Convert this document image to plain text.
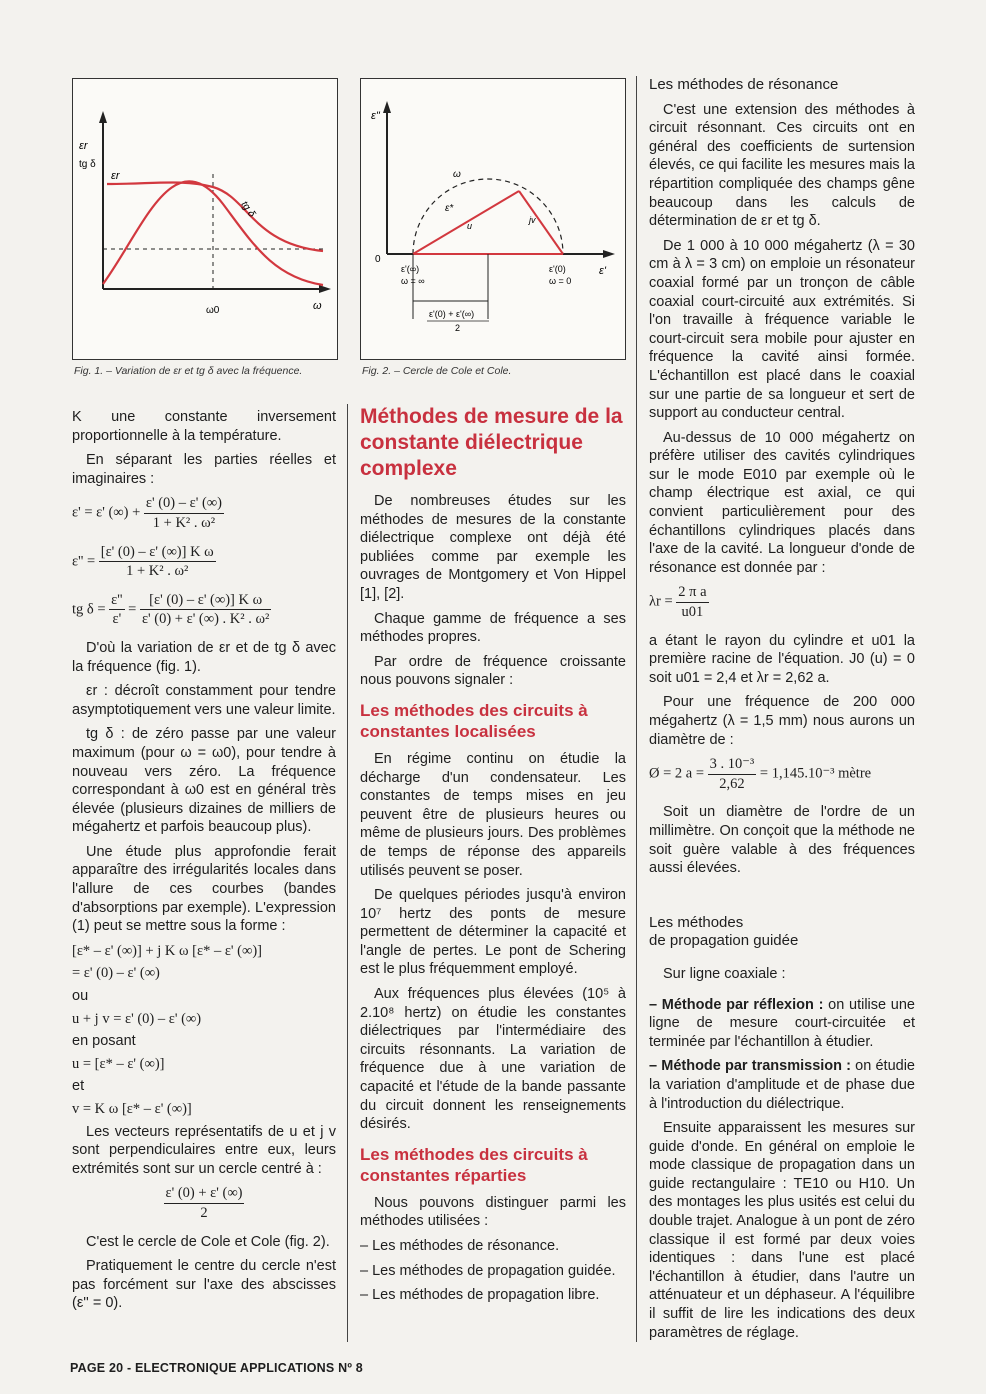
εr
tg δ
εr
tg δ
ω
ω0
Fig. 1. – Variation de εr et tg δ avec la fréquence.
ε"
ε'
0
ε'(∞)
ω = ∞
ε'(0)
ω = 0
ω
ε*
u
jv
ε'(0) + ε'(∞)
2
Fig. 2. – Cercle de Cole et Cole.

K une constante inversement proportionnelle à la température.

En séparant les parties réelles et imaginaires :

ε' = ε' (∞) + $\frac{\varepsilon' (0) - \varepsilon' (\infty)}{\text{1 + K² . ω²}}$
$\varepsilon'' = \frac{\text{[ε' (0) – ε' (∞)] K ω}}{\text{1 + K² . ω²}}$
tg $\delta = \frac{\varepsilon''}{\varepsilon'} = \frac{\text{[ε' (0) – ε' (∞)] K ω}}{\text{ε' (0) + ε' (∞) . K² . ω²}}$

D'où la variation de εr et de tg δ avec la fréquence (fig. 1).

εr : décroît constamment pour tendre asymptotiquement vers une valeur limite.

tg δ : de zéro passe par une valeur maximum (pour ω = ω0), pour tendre à nouveau vers zéro. La fréquence correspondant à ω0 est en général très élevée (plusieurs dizaines de milliers de mégahertz et parfois beaucoup plus).

Une étude plus approfondie ferait apparaître des irrégularités locales dans l'allure de ces courbes (bandes d'absorptions par exemple). L'expression (1) peut se mettre sous la forme :

[ε* – ε' (∞)] + j K ω [ε* – ε' (∞)]
= ε' (0) – ε' (∞)
ou
u + j v = ε' (0) – ε' (∞)
en posant
u = [ε* – ε' (∞)]
et
v = K ω [ε* – ε' (∞)]

Les vecteurs représentatifs de u et j v sont perpendiculaires entre eux, leurs extrémités sont sur un cercle centré à :

$\frac{\varepsilon' (0) + \varepsilon' (\infty)}{2}$

C'est le cercle de Cole et Cole (fig. 2).

Pratiquement le centre du cercle n'est pas forcément sur l'axe des abscisses (ε'' = 0).

Méthodes de mesure de la constante diélectrique complexe

De nombreuses études sur les méthodes de mesures de la constante diélectrique complexe ont déjà été publiées comme par exemple les ouvrages de Montgomery et Von Hippel [1], [2].

Chaque gamme de fréquence a ses méthodes propres.

Par ordre de fréquence croissante nous pouvons signaler :

Les méthodes des circuits à constantes localisées

En régime continu on étudie la décharge d'un condensateur. Les constantes de temps mises en jeu peuvent être de plusieurs heures ou même de plusieurs jours. Des problèmes de temps de réponse des appareils utilisés peuvent se poser.

De quelques périodes jusqu'à environ 10⁷ hertz des ponts de mesure permettent de déterminer la capacité et l'angle de pertes. Le pont de Schering est le plus fréquemment employé.

Aux fréquences plus élevées (10⁵ à 2.10⁸ hertz) on étudie les constantes diélectriques par l'intermédiaire des circuits résonnants. La variation de fréquence due à une variation de capacité et l'étude de la bande passante du circuit donnent les renseignements désirés.

Les méthodes des circuits à constantes réparties

Nous pouvons distinguer parmi les méthodes utilisées :

– Les méthodes de résonance.

– Les méthodes de propagation guidée.

– Les méthodes de propagation libre.

Les méthodes de résonance

C'est une extension des méthodes à circuit résonnant. Ces circuits ont en général des coefficients de surtension élevés, ce qui facilite les mesures mais la répartition compliquée des champs gêne beaucoup dans les calculs de détermination de εr et tg δ.

De 1 000 à 10 000 mégahertz (λ = 30 cm à λ = 3 cm) on emploie un résonateur coaxial formé par un tronçon de câble coaxial court-circuité aux extrémités. Si l'on travaille à fréquence variable le court-circuit sera mobile pour ajuster en fréquence la cavité ainsi formée. L'échantillon est placé dans le coaxial sur une partie de sa longueur et sert de support au conducteur central.

Au-dessus de 10 000 mégahertz on préfère utiliser des cavités cylindriques sur le mode E010 par exemple où le champ électrique est axial, ce qui convient particulièrement pour des échantillons cylindriques placés dans l'axe de la cavité. La longueur d'onde de résonance est donnée par :

$\lambda r = \frac{\text{2 π a}}{u01}$

a étant le rayon du cylindre et u01 la première racine de l'équation. J0 (u) = 0 soit u01 = 2,4 et λr = 2,62 a.

Pour une fréquence de 200 000 mégahertz (λ = 1,5 mm) nous aurons un diamètre de :

Ø = 2 $a = \frac{\text{3 . 10⁻³}}{2,62} = 1,145.10^{-3}$ mètre

Soit un diamètre de l'ordre de un millimètre. On conçoit que la méthode ne soit guère valable à des fréquences aussi élevées.

Les méthodes
de propagation guidée

Sur ligne coaxiale :

– Méthode par réflexion : on utilise une ligne de mesure court-circuitée et terminée par l'échantillon à étudier.

– Méthode par transmission : on étudie la variation d'amplitude et de phase due à l'introduction du diélectrique.

Ensuite apparaissent les mesures sur guide d'onde. En général on emploie le mode classique de propagation dans un guide rectangulaire : TE10 ou H10. Un des montages les plus usités est celui du double trajet. Analogue à un pont de zéro classique il est formé par deux voies identiques : dans l'une est placé l'échantillon à étudier, dans l'autre un atténuateur et un déphaseur. A l'équilibre il suffit de lire les indications des deux paramètres de réglage.

PAGE 20 - ELECTRONIQUE APPLICATIONS Nº 8
